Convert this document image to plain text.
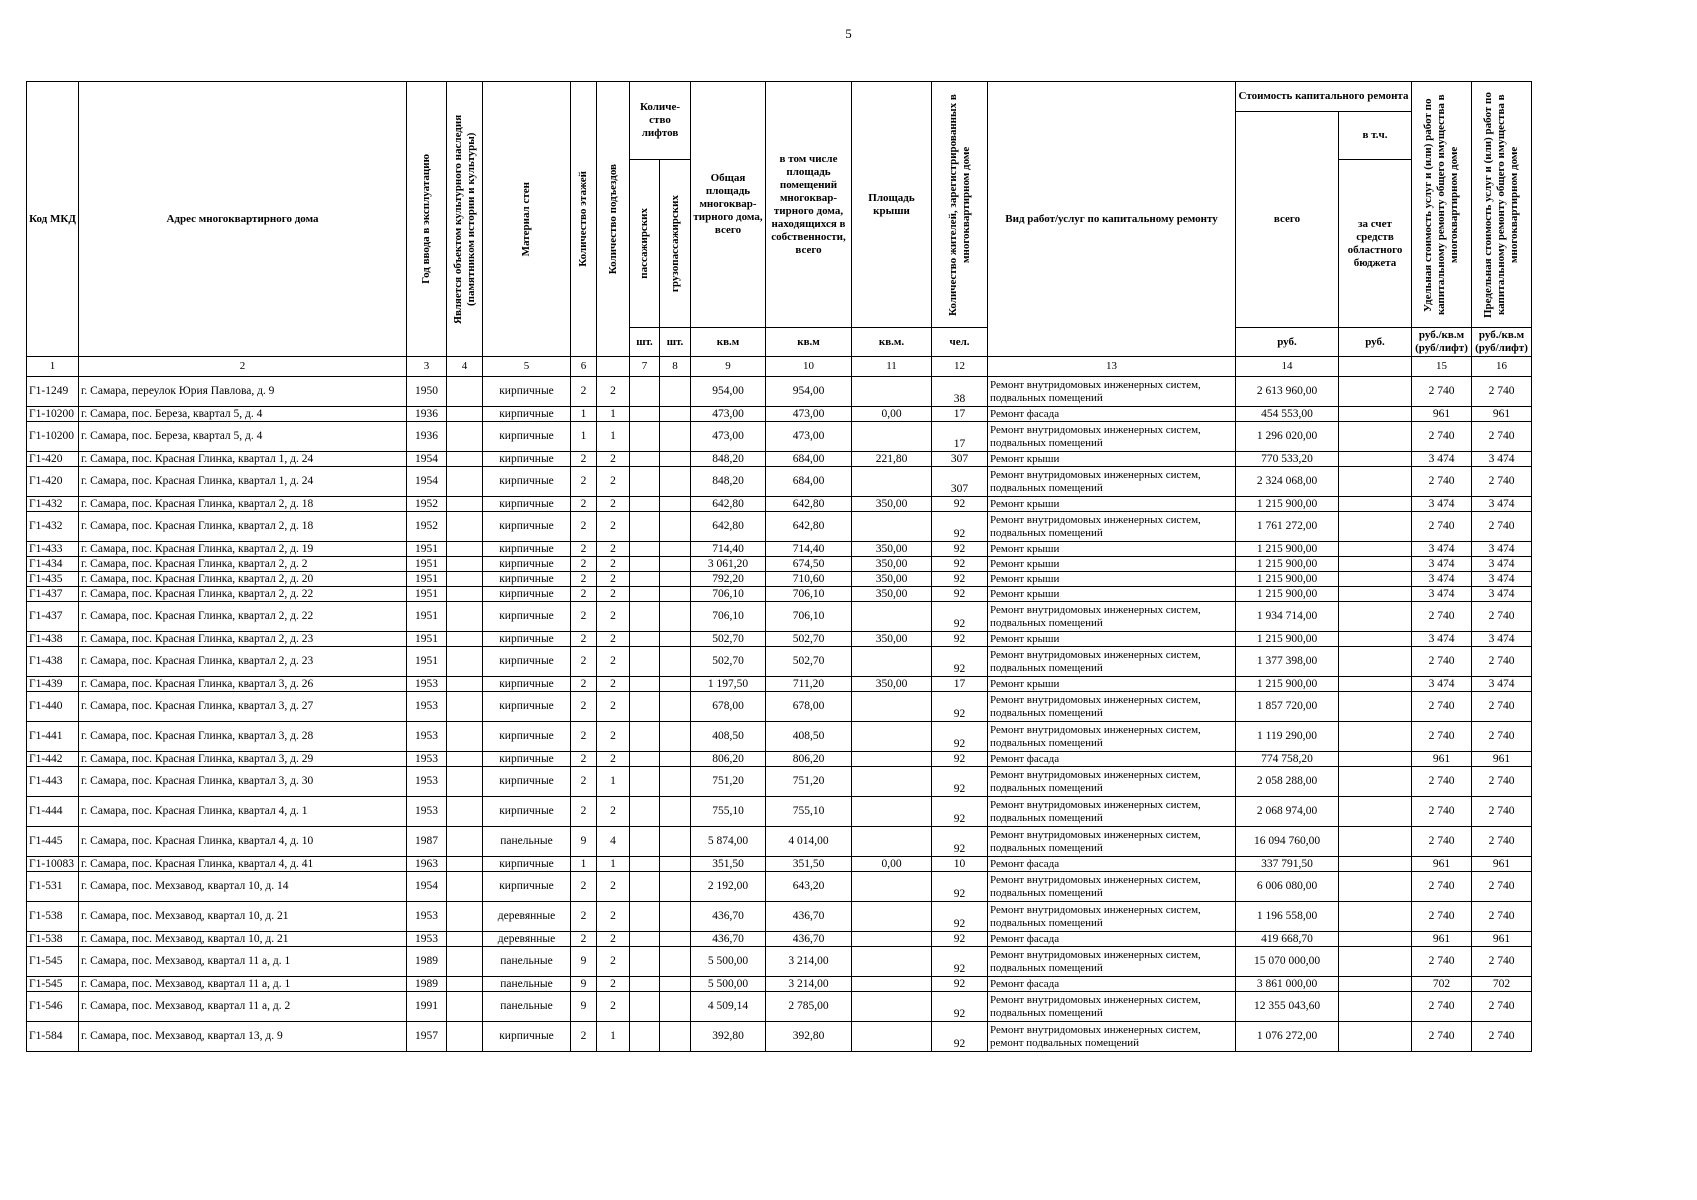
5
Код МКД	Адрес многоквартирного дома	Год ввода в эксплуатацию	Является объектом культурного наследия (памятником истории и культуры)	Материал стен	Количество этажей	Количество подъездов	Количе-ство лифтов		Общая площадь многоквар-тирного дома, всего	в том числе площадь помещений многоквар-тирного дома, находящихся в собственности, всего	Площадь крыши	Количество жителей, зарегистрированных в многоквартирном доме	Вид работ/услуг по капитальному ремонту	Стоимость капитального ремонта		Удельная стоимость услуг и (или) работ по капитальному ремонту общего имущества в многоквартирном доме	Предельная стоимость услуг и (или) работ по капитальному ремонту общего имущества в многоквартирном доме

														всего	в т.ч.		

							пассажирских	грузопассажирских							за счет средств областного бюджета		
							шт.	шт.	кв.м	кв.м	кв.м.	чел.		руб.	руб.	руб./кв.м (руб/лифт)	руб./кв.м (руб/лифт)
1	2	3	4	5	6		7	8	9	10	11	12	13	14		15	16
Г1-1249	г. Самара, переулок Юрия Павлова, д. 9	1950		кирпичные	2	2			954,00	954,00		38	Ремонт внутридомовых инженерных систем, подвальных помещений	2 613 960,00		2 740	2 740
Г1-10200	г. Самара, пос. Береза, квартал 5, д. 4	1936		кирпичные	1	1			473,00	473,00	0,00	17	Ремонт фасада	454 553,00		961	961
Г1-10200	г. Самара, пос. Береза, квартал 5, д. 4	1936		кирпичные	1	1			473,00	473,00		17	Ремонт внутридомовых инженерных систем, подвальных помещений	1 296 020,00		2 740	2 740
Г1-420	г. Самара, пос. Красная Глинка, квартал 1, д. 24	1954		кирпичные	2	2			848,20	684,00	221,80	307	Ремонт крыши	770 533,20		3 474	3 474
Г1-420	г. Самара, пос. Красная Глинка, квартал 1, д. 24	1954		кирпичные	2	2			848,20	684,00		307	Ремонт внутридомовых инженерных систем, подвальных помещений	2 324 068,00		2 740	2 740
Г1-432	г. Самара, пос. Красная Глинка, квартал 2, д. 18	1952		кирпичные	2	2			642,80	642,80	350,00	92	Ремонт крыши	1 215 900,00		3 474	3 474
Г1-432	г. Самара, пос. Красная Глинка, квартал 2, д. 18	1952		кирпичные	2	2			642,80	642,80		92	Ремонт внутридомовых инженерных систем, подвальных помещений	1 761 272,00		2 740	2 740
Г1-433	г. Самара, пос. Красная Глинка, квартал 2, д. 19	1951		кирпичные	2	2			714,40	714,40	350,00	92	Ремонт крыши	1 215 900,00		3 474	3 474
Г1-434	г. Самара, пос. Красная Глинка, квартал 2, д. 2	1951		кирпичные	2	2			3 061,20	674,50	350,00	92	Ремонт крыши	1 215 900,00		3 474	3 474
Г1-435	г. Самара, пос. Красная Глинка, квартал 2, д. 20	1951		кирпичные	2	2			792,20	710,60	350,00	92	Ремонт крыши	1 215 900,00		3 474	3 474
Г1-437	г. Самара, пос. Красная Глинка, квартал 2, д. 22	1951		кирпичные	2	2			706,10	706,10	350,00	92	Ремонт крыши	1 215 900,00		3 474	3 474
Г1-437	г. Самара, пос. Красная Глинка, квартал 2, д. 22	1951		кирпичные	2	2			706,10	706,10		92	Ремонт внутридомовых инженерных систем, подвальных помещений	1 934 714,00		2 740	2 740
Г1-438	г. Самара, пос. Красная Глинка, квартал 2, д. 23	1951		кирпичные	2	2			502,70	502,70	350,00	92	Ремонт крыши	1 215 900,00		3 474	3 474
Г1-438	г. Самара, пос. Красная Глинка, квартал 2, д. 23	1951		кирпичные	2	2			502,70	502,70		92	Ремонт внутридомовых инженерных систем, подвальных помещений	1 377 398,00		2 740	2 740
Г1-439	г. Самара, пос. Красная Глинка, квартал 3, д. 26	1953		кирпичные	2	2			1 197,50	711,20	350,00	17	Ремонт крыши	1 215 900,00		3 474	3 474
Г1-440	г. Самара, пос. Красная Глинка, квартал 3, д. 27	1953		кирпичные	2	2			678,00	678,00		92	Ремонт внутридомовых инженерных систем, подвальных помещений	1 857 720,00		2 740	2 740
Г1-441	г. Самара, пос. Красная Глинка, квартал 3, д. 28	1953		кирпичные	2	2			408,50	408,50		92	Ремонт внутридомовых инженерных систем, подвальных помещений	1 119 290,00		2 740	2 740
Г1-442	г. Самара, пос. Красная Глинка, квартал 3, д. 29	1953		кирпичные	2	2			806,20	806,20		92	Ремонт фасада	774 758,20		961	961
Г1-443	г. Самара, пос. Красная Глинка, квартал 3, д. 30	1953		кирпичные	2	1			751,20	751,20		92	Ремонт внутридомовых инженерных систем, подвальных помещений	2 058 288,00		2 740	2 740
Г1-444	г. Самара, пос. Красная Глинка, квартал 4, д. 1	1953		кирпичные	2	2			755,10	755,10		92	Ремонт внутридомовых инженерных систем, подвальных помещений	2 068 974,00		2 740	2 740
Г1-445	г. Самара, пос. Красная Глинка, квартал 4, д. 10	1987		панельные	9	4			5 874,00	4 014,00		92	Ремонт внутридомовых инженерных систем, подвальных помещений	16 094 760,00		2 740	2 740
Г1-10083	г. Самара, пос. Красная Глинка, квартал 4, д. 41	1963		кирпичные	1	1			351,50	351,50	0,00	10	Ремонт фасада	337 791,50		961	961
Г1-531	г. Самара, пос. Мехзавод, квартал 10, д. 14	1954		кирпичные	2	2			2 192,00	643,20		92	Ремонт внутридомовых инженерных систем, подвальных помещений	6 006 080,00		2 740	2 740
Г1-538	г. Самара, пос. Мехзавод, квартал 10, д. 21	1953		деревянные	2	2			436,70	436,70		92	Ремонт внутридомовых инженерных систем, подвальных помещений	1 196 558,00		2 740	2 740
Г1-538	г. Самара, пос. Мехзавод, квартал 10, д. 21	1953		деревянные	2	2			436,70	436,70		92	Ремонт фасада	419 668,70		961	961
Г1-545	г. Самара, пос. Мехзавод, квартал 11 а, д. 1	1989		панельные	9	2			5 500,00	3 214,00		92	Ремонт внутридомовых инженерных систем, подвальных помещений	15 070 000,00		2 740	2 740
Г1-545	г. Самара, пос. Мехзавод, квартал 11 а, д. 1	1989		панельные	9	2			5 500,00	3 214,00		92	Ремонт фасада	3 861 000,00		702	702
Г1-546	г. Самара, пос. Мехзавод, квартал 11 а, д. 2	1991		панельные	9	2			4 509,14	2 785,00		92	Ремонт внутридомовых инженерных систем, подвальных помещений	12 355 043,60		2 740	2 740
Г1-584	г. Самара, пос. Мехзавод, квартал 13, д. 9	1957		кирпичные	2	1			392,80	392,80		92	Ремонт внутридомовых инженерных систем, ремонт подвальных помещений	1 076 272,00		2 740	2 740
